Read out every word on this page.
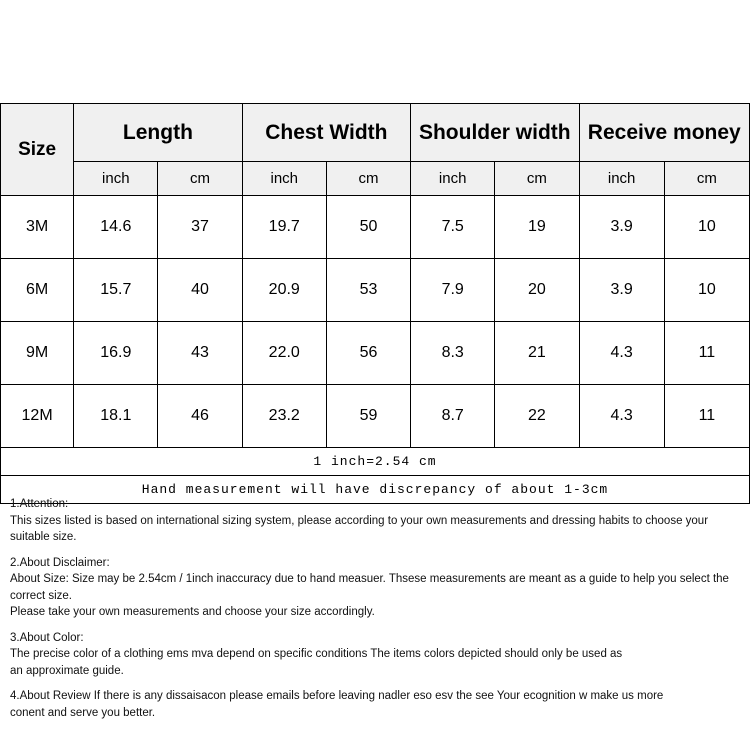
Size	Length		Chest Width		Shoulder width		Receive money	
	inch	cm	inch	cm	inch	cm	inch	cm
3M	14.6	37	19.7	50	7.5	19	3.9	10
6M	15.7	40	20.9	53	7.9	20	3.9	10
9M	16.9	43	22.0	56	8.3	21	4.3	11
12M	18.1	46	23.2	59	8.7	22	4.3	11
1 inch=2.54 cm								
Hand measurement will have discrepancy of about 1-3cm								

1.Attention:

This sizes listed is based on international sizing system, please according to your own measurements and dressing habits to choose your suitable size.

2.About Disclaimer:

About Size: Size may be 2.54cm / 1inch inaccuracy due to hand measuer. Thsese measurements are meant as a guide to help you select the correct size.

Please take your own measurements and choose your size accordingly.

3.About Color:

The precise color of a clothing ems mva depend on specific conditions The items colors depicted should only be used as

an approximate guide.

4.About Review If there is any dissaisacon please emails before leaving nadler eso esv the see Your ecognition w make us more

conent and serve you better.
